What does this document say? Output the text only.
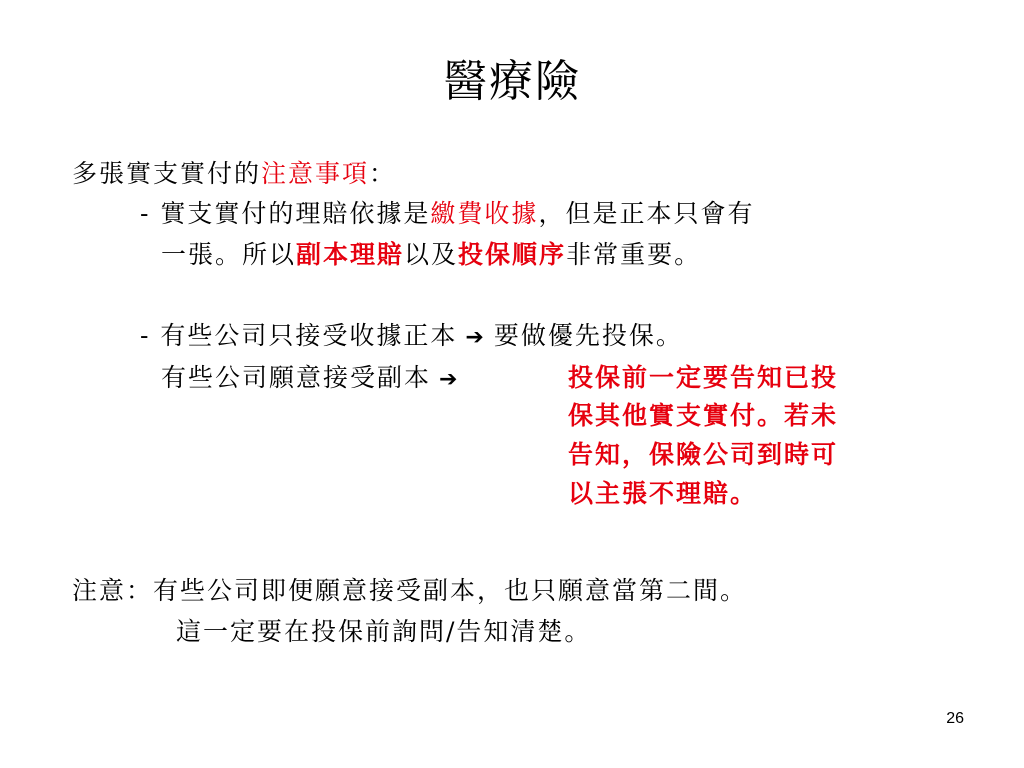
醫療險
多張實支實付的注意事項：
- 實支實付的理賠依據是繳費收據，但是正本只會有
一張。所以副本理賠以及投保順序非常重要。
- 有些公司只接受收據正本 ➔ 要做優先投保。
有些公司願意接受副本 ➔	投保前一定要告知已投
保其他實支實付。若未
告知，保險公司到時可
以主張不理賠。
注意：有些公司即便願意接受副本，也只願意當第二間。
這一定要在投保前詢問/告知清楚。
26
